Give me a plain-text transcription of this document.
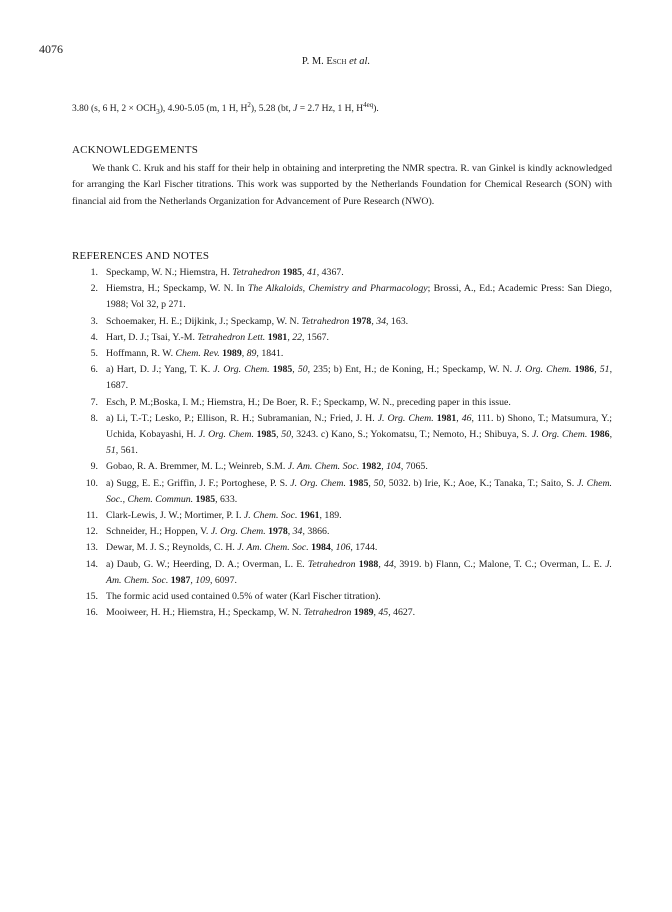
4076
P. M. Esch et al.
3.80 (s, 6 H, $2 \times OCH_3$), 4.90-5.05 (m, 1 H, $H^2$), 5.28 (bt, J = 2.7 Hz, 1 H, $H^{4eq}$).
ACKNOWLEDGEMENTS

We thank C. Kruk and his staff for their help in obtaining and interpreting the NMR spectra. R. van Ginkel is kindly acknowledged for arranging the Karl Fischer titrations. This work was supported by the Netherlands Foundation for Chemical Research (SON) with financial aid from the Netherlands Organization for Advancement of Pure Research (NWO).

REFERENCES AND NOTES
1. Speckamp, W. N.; Hiemstra, H. Tetrahedron 1985, 41, 4367.
2. Hiemstra, H.; Speckamp, W. N. In The Alkaloids, Chemistry and Pharmacology; Brossi, A., Ed.; Academic Press: San Diego, 1988; Vol 32, p 271.
3. Schoemaker, H. E.; Dijkink, J.; Speckamp, W. N. Tetrahedron 1978, 34, 163.
4. Hart, D. J.; Tsai, Y.-M. Tetrahedron Lett. 1981, 22, 1567.
5. Hoffmann, R. W. Chem. Rev. 1989, 89, 1841.
6. a) Hart, D. J.; Yang, T. K. J. Org. Chem. 1985, 50, 235; b) Ent, H.; de Koning, H.; Speckamp, W. N. J. Org. Chem. 1986, 51, 1687.
7. Esch, P. M.;Boska, I. M.; Hiemstra, H.; De Boer, R. F.; Speckamp, W. N., preceding paper in this issue.
8. a) Li, T.-T.; Lesko, P.; Ellison, R. H.; Subramanian, N.; Fried, J. H. J. Org. Chem. 1981, 46, 111. b) Shono, T.; Matsumura, Y.; Uchida, Kobayashi, H. J. Org. Chem. 1985, 50, 3243. c) Kano, S.; Yokomatsu, T.; Nemoto, H.; Shibuya, S. J. Org. Chem. 1986, 51, 561.
9. Gobao, R. A. Bremmer, M. L.; Weinreb, S.M. J. Am. Chem. Soc. 1982, 104, 7065.
10. a) Sugg, E. E.; Griffin, J. F.; Portoghese, P. S. J. Org. Chem. 1985, 50, 5032. b) Irie, K.; Aoe, K.; Tanaka, T.; Saito, S. J. Chem. Soc., Chem. Commun. 1985, 633.
11. Clark-Lewis, J. W.; Mortimer, P. I. J. Chem. Soc. 1961, 189.
12. Schneider, H.; Hoppen, V. J. Org. Chem. 1978, 34, 3866.
13. Dewar, M. J. S.; Reynolds, C. H. J. Am. Chem. Soc. 1984, 106, 1744.
14. a) Daub, G. W.; Heerding, D. A.; Overman, L. E. Tetrahedron 1988, 44, 3919. b) Flann, C.; Malone, T. C.; Overman, L. E. J. Am. Chem. Soc. 1987, 109, 6097.
15. The formic acid used contained 0.5% of water (Karl Fischer titration).
16. Mooiweer, H. H.; Hiemstra, H.; Speckamp, W. N. Tetrahedron 1989, 45, 4627.
